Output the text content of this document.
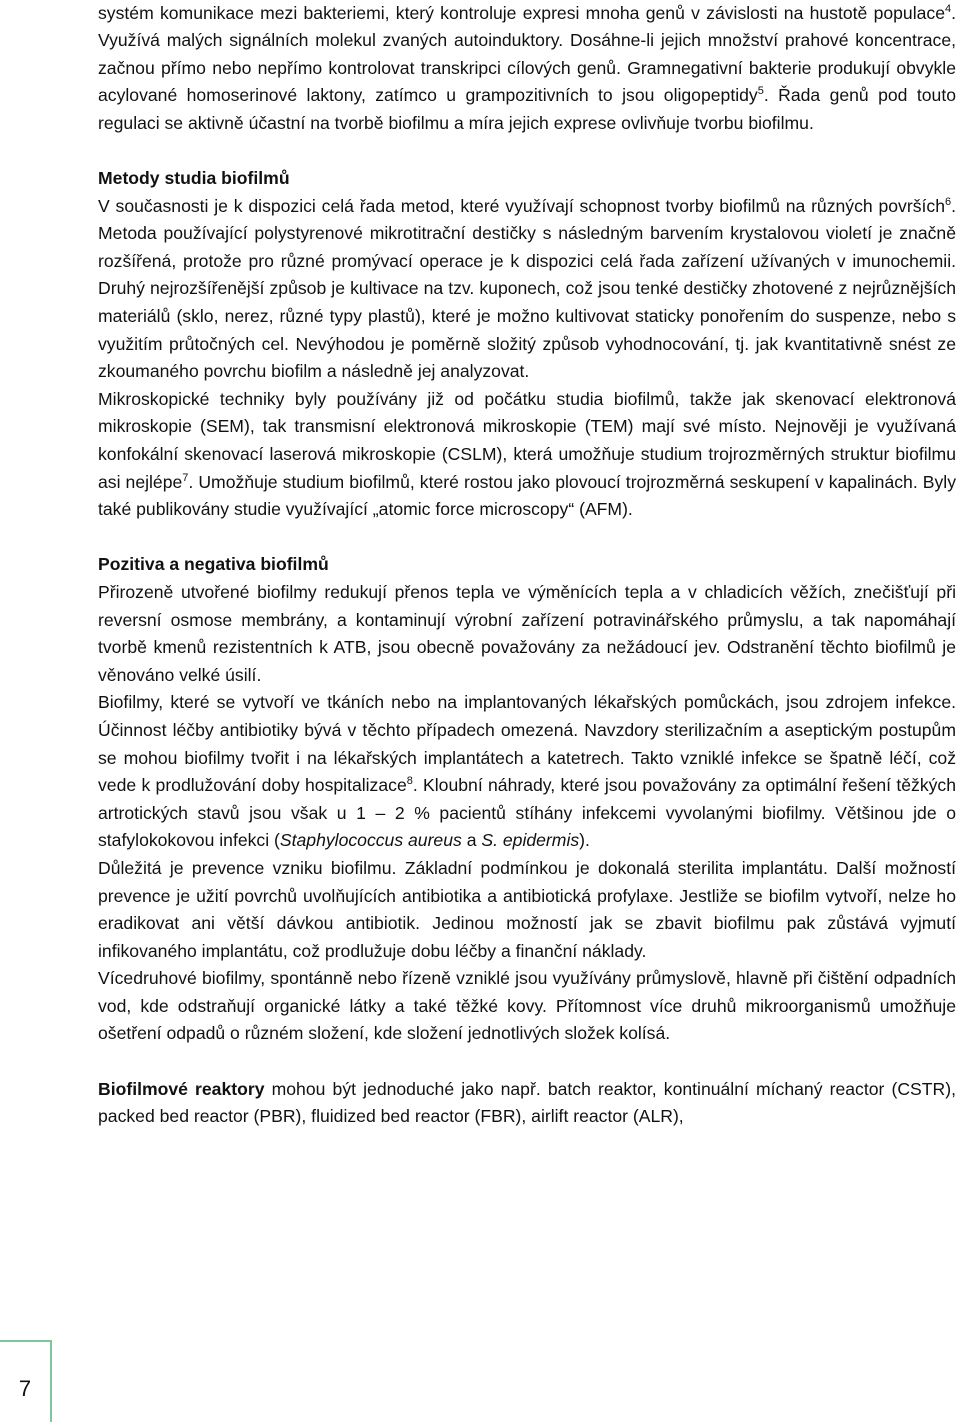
systém komunikace mezi bakteriemi, který kontroluje expresi mnoha genů v závislosti na hustotě populace$^4$. Využívá malých signálních molekul zvaných autoinduktory. Dosáhne-li jejich množství prahové koncentrace, začnou přímo nebo nepřímo kontrolovat transkripci cílových genů. Gramnegativní bakterie produkují obvykle acylované homoserinové laktony, zatímco u grampozitivních to jsou oligopeptidy$^5$. Řada genů pod touto regulaci se aktivně účastní na tvorbě biofilmu a míra jejich exprese ovlivňuje tvorbu biofilmu.

Metody studia biofilmů

V současnosti je k dispozici celá řada metod, které využívají schopnost tvorby biofilmů na různých površích$^6$. Metoda používající polystyrenové mikrotitrační destičky s následným barvením krystalovou violetí je značně rozšířená, protože pro různé promývací operace je k dispozici celá řada zařízení užívaných v imunochemii. Druhý nejrozšířenější způsob je kultivace na tzv. kuponech, což jsou tenké destičky zhotovené z nejrůznějších materiálů (sklo, nerez, různé typy plastů), které je možno kultivovat staticky ponořením do suspenze, nebo s využitím průtočných cel. Nevýhodou je poměrně složitý způsob vyhodnocování, tj. jak kvantitativně snést ze zkoumaného povrchu biofilm a následně jej analyzovat.

Mikroskopické techniky byly používány již od počátku studia biofilmů, takže jak skenovací elektronová mikroskopie (SEM), tak transmisní elektronová mikroskopie (TEM) mají své místo. Nejnověji je využívaná konfokální skenovací laserová mikroskopie (CSLM), která umožňuje studium trojrozměrných struktur biofilmu asi nejlépe$^7$. Umožňuje studium biofilmů, které rostou jako plovoucí trojrozměrná seskupení v kapalinách. Byly také publikovány studie využívající „atomic force microscopy“ (AFM).

Pozitiva a negativa biofilmů

Přirozeně utvořené biofilmy redukují přenos tepla ve výměnících tepla a v chladicích věžích, znečišťují při reversní osmose membrány, a kontaminují výrobní zařízení potravinářského průmyslu, a tak napomáhají tvorbě kmenů rezistentních k ATB, jsou obecně považovány za nežádoucí jev. Odstranění těchto biofilmů je věnováno velké úsilí.

Biofilmy, které se vytvoří ve tkáních nebo na implantovaných lékařských pomůckách, jsou zdrojem infekce. Účinnost léčby antibiotiky bývá v těchto případech omezená. Navzdory sterilizačním a aseptickým postupům se mohou biofilmy tvořit i na lékařských implantátech a katetrech. Takto vzniklé infekce se špatně léčí, což vede k prodlužování doby hospitalizace$^8$. Kloubní náhrady, které jsou považovány za optimální řešení těžkých artrotických stavů jsou však u 1 – 2 % pacientů stíhány infekcemi vyvolanými biofilmy. Většinou jde o stafylokokovou infekci (Staphylococcus aureus a S. epidermis).

Důležitá je prevence vzniku biofilmu. Základní podmínkou je dokonalá sterilita implantátu. Další možností prevence je užití povrchů uvolňujících antibiotika a antibiotická profylaxe. Jestliže se biofilm vytvoří, nelze ho eradikovat ani větší dávkou antibiotik. Jedinou možností jak se zbavit biofilmu pak zůstává vyjmutí infikovaného implantátu, což prodlužuje dobu léčby a finanční náklady.

Vícedruhové biofilmy, spontánně nebo řízeně vzniklé jsou využívány průmyslově, hlavně při čištění odpadních vod, kde odstraňují organické látky a také těžké kovy. Přítomnost více druhů mikroorganismů umožňuje ošetření odpadů o různém složení, kde složení jednotlivých složek kolísá.

Biofilmové reaktory mohou být jednoduché jako např. batch reaktor, kontinuální míchaný reactor (CSTR), packed bed reactor (PBR), fluidized bed reactor (FBR), airlift reactor (ALR),

7
